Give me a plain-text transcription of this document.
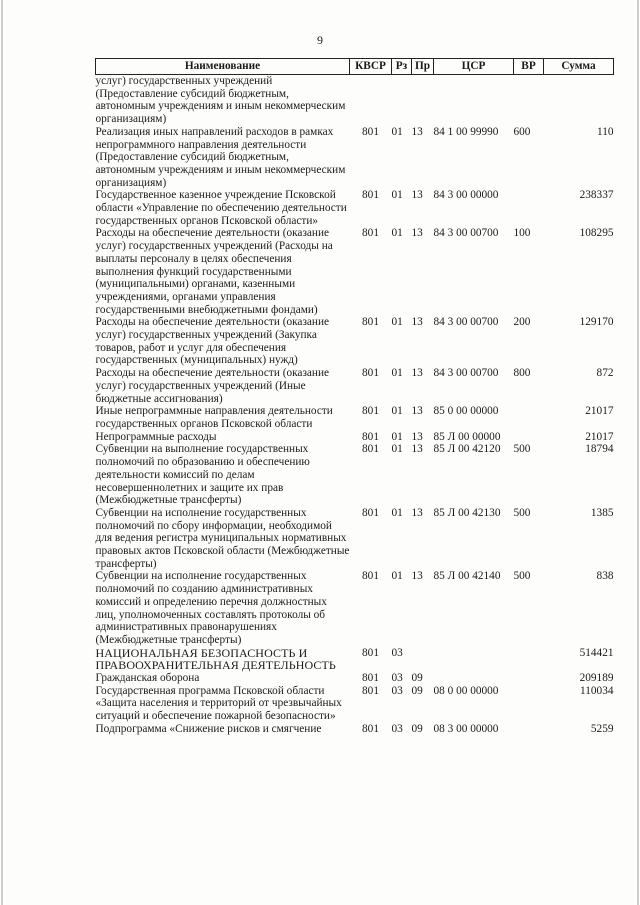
9
Наименование	КВСР	Рз	Пр	ЦСР	ВР	Сумма
услуг) государственных учреждений (Предоставление субсидий бюджетным, автономным учреждениям и иным некоммерческим организациям)						
Реализация иных направлений расходов в рамках непрограммного направления деятельности (Предоставление субсидий бюджетным, автономным учреждениям и иным некоммерческим организациям)	801	01	13	84 1 00 99990	600	110
Государственное казенное учреждение Псковской области «Управление по обеспечению деятельности государственных органов Псковской области»	801	01	13	84 3 00 00000		238337
Расходы на обеспечение деятельности (оказание услуг) государственных учреждений (Расходы на выплаты персоналу в целях обеспечения выполнения функций государственными (муниципальными) органами, казенными учреждениями, органами управления государственными внебюджетными фондами)	801	01	13	84 3 00 00700	100	108295
Расходы на обеспечение деятельности (оказание услуг) государственных учреждений (Закупка товаров, работ и услуг для обеспечения государственных (муниципальных) нужд)	801	01	13	84 3 00 00700	200	129170
Расходы на обеспечение деятельности (оказание услуг) государственных учреждений (Иные бюджетные ассигнования)	801	01	13	84 3 00 00700	800	872
Иные непрограммные направления деятельности государственных органов Псковской области	801	01	13	85 0 00 00000		21017
Непрограммные расходы	801	01	13	85 Л 00 00000		21017
Субвенции на выполнение государственных полномочий по образованию и обеспечению деятельности комиссий по делам несовершеннолетних и защите их прав (Межбюджетные трансферты)	801	01	13	85 Л 00 42120	500	18794
Субвенции на исполнение государственных полномочий по сбору информации, необходимой для ведения регистра муниципальных нормативных правовых актов Псковской области (Межбюджетные трансферты)	801	01	13	85 Л 00 42130	500	1385
Субвенции на исполнение государственных полномочий по созданию административных комиссий и определению перечня должностных лиц, уполномоченных составлять протоколы об административных правонарушениях (Межбюджетные трансферты)	801	01	13	85 Л 00 42140	500	838
НАЦИОНАЛЬНАЯ БЕЗОПАСНОСТЬ И ПРАВООХРАНИТЕЛЬНАЯ ДЕЯТЕЛЬНОСТЬ	801	03				514421
Гражданская оборона	801	03	09			209189
Государственная программа Псковской области «Защита населения и территорий от чрезвычайных ситуаций и обеспечение пожарной безопасности»	801	03	09	08 0 00 00000		110034
Подпрограмма «Снижение рисков и смягчение	801	03	09	08 3 00 00000		5259
